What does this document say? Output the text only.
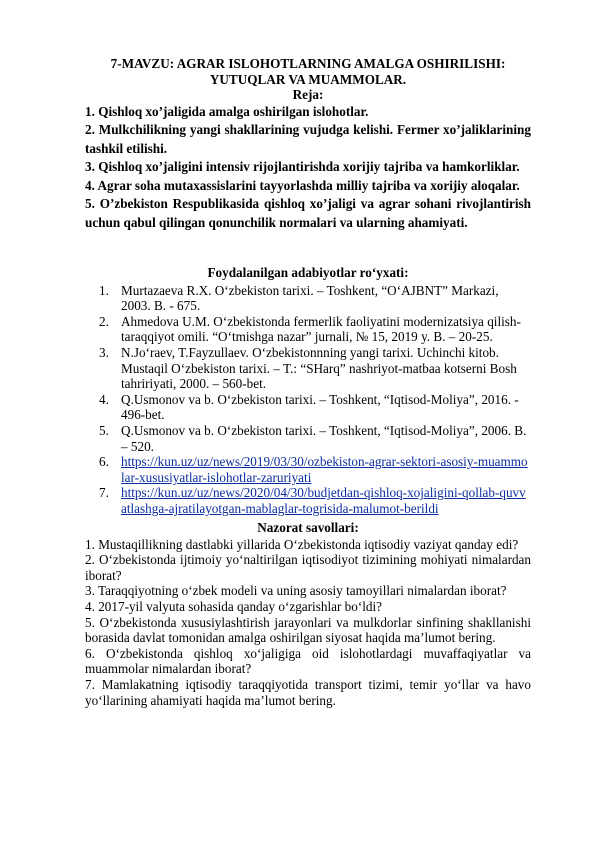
7-MAVZU: AGRAR ISLOHOTLARNING AMALGA OSHIRILISHI:
YUTUQLAR VA MUAMMOLAR.
Reja:
1. Qishloq xo’jaligida amalga oshirilgan islohotlar.
2. Mulkchilikning yangi shakllarining vujudga kelishi. Fermer xo’jaliklarining tashkil etilishi.
3. Qishloq xo’jaligini intensiv rijojlantirishda xorijiy tajriba va hamkorliklar.
4. Agrar soha mutaxassislarini tayyorlashda milliy tajriba va xorijiy aloqalar.
5. O’zbekiston Respublikasida qishloq xo’jaligi va agrar sohani rivojlantirish uchun qabul qilingan qonunchilik normalari va ularning ahamiyati.
Foydalanilgan adabiyotlar ro‘yxati:
1. Murtazaeva R.X. O‘zbekiston tarixi. – Toshkent, “O‘AJBNT” Markazi, 2003. B. - 675.
2. Ahmedova U.M. O‘zbekistonda fermerlik faoliyatini modernizatsiya qilish-taraqqiyot omili. “O‘tmishga nazar” jurnali, № 15, 2019 y. B. – 20-25.
3. N.Jo‘raev, T.Fayzullaev. O‘zbekistonnning yangi tarixi. Uchinchi kitob. Mustaqil O‘zbekiston tarixi. – T.: “SHarq” nashriyot-matbaa kotserni Bosh tahririyati, 2000. – 560-bet.
4. Q.Usmonov va b. O‘zbekiston tarixi. – Toshkent, “Iqtisod-Moliya”, 2016. - 496-bet.
5. Q.Usmonov va b. O‘zbekiston tarixi. – Toshkent, “Iqtisod-Moliya”, 2006. B. – 520.
6. https://kun.uz/uz/news/2019/03/30/ozbekiston-agrar-sektori-asosiy-muammolar-xususiyatlar-islohotlar-zaruriyati
7. https://kun.uz/uz/news/2020/04/30/budjetdan-qishloq-xojaligini-qollab-quvvatlashga-ajratilayotgan-mablaglar-togrisida-malumot-berildi
Nazorat savollari:
1. Mustaqillikning dastlabki yillarida O‘zbekistonda iqtisodiy vaziyat qanday edi?
2. O‘zbekistonda ijtimoiy yo‘naltirilgan iqtisodiyot tizimining mohiyati nimalardan iborat?
3. Taraqqiyotning o‘zbek modeli va uning asosiy tamoyillari nimalardan iborat?
4. 2017-yil valyuta sohasida qanday o‘zgarishlar bo‘ldi?
5. O‘zbekistonda xususiylashtirish jarayonlari va mulkdorlar sinfining shakllanishi borasida davlat tomonidan amalga oshirilgan siyosat haqida ma’lumot bering.
6. O‘zbekistonda qishloq xo‘jaligiga oid islohotlardagi muvaffaqiyatlar va muammolar nimalardan iborat?
7. Mamlakatning iqtisodiy taraqqiyotida transport tizimi, temir yo‘llar va havo yo‘llarining ahamiyati haqida ma’lumot bering.
